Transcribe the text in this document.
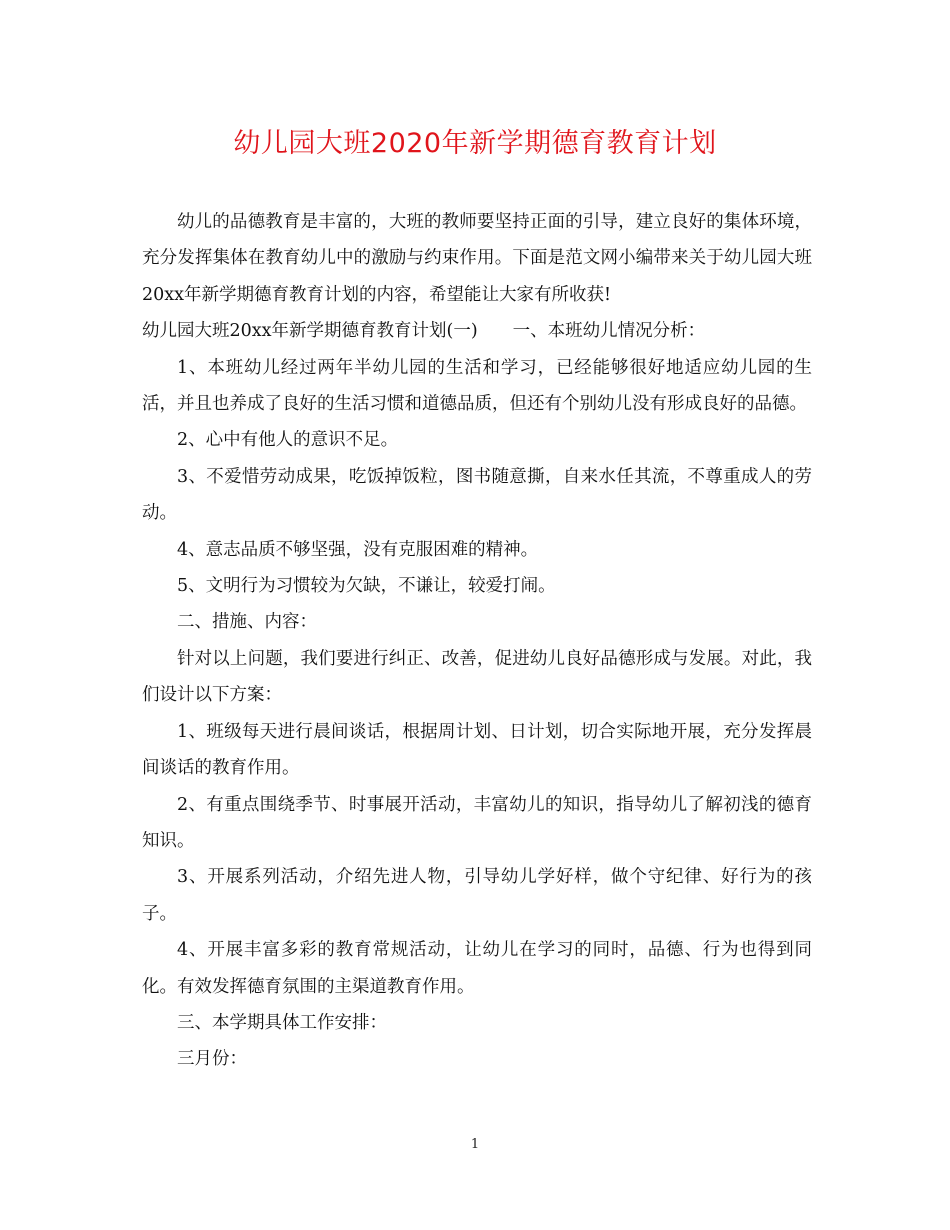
幼儿园大班2020年新学期德育教育计划

幼儿的品德教育是丰富的，大班的教师要坚持正面的引导，建立良好的集体环境，充分发挥集体在教育幼儿中的激励与约束作用。下面是范文网小编带来关于幼儿园大班20xx年新学期德育教育计划的内容，希望能让大家有所收获!

幼儿园大班20xx年新学期德育教育计划(一)　　一、本班幼儿情况分析：

1、本班幼儿经过两年半幼儿园的生活和学习，已经能够很好地适应幼儿园的生活，并且也养成了良好的生活习惯和道德品质，但还有个别幼儿没有形成良好的品德。

2、心中有他人的意识不足。

3、不爱惜劳动成果，吃饭掉饭粒，图书随意撕，自来水任其流，不尊重成人的劳动。

4、意志品质不够坚强，没有克服困难的精神。

5、文明行为习惯较为欠缺，不谦让，较爱打闹。

二、措施、内容：

针对以上问题，我们要进行纠正、改善，促进幼儿良好品德形成与发展。对此，我们设计以下方案：

1、班级每天进行晨间谈话，根据周计划、日计划，切合实际地开展，充分发挥晨间谈话的教育作用。

2、有重点围绕季节、时事展开活动，丰富幼儿的知识，指导幼儿了解初浅的德育知识。

3、开展系列活动，介绍先进人物，引导幼儿学好样，做个守纪律、好行为的孩子。

4、开展丰富多彩的教育常规活动，让幼儿在学习的同时，品德、行为也得到同化。有效发挥德育氛围的主渠道教育作用。

三、本学期具体工作安排：

三月份：

1
